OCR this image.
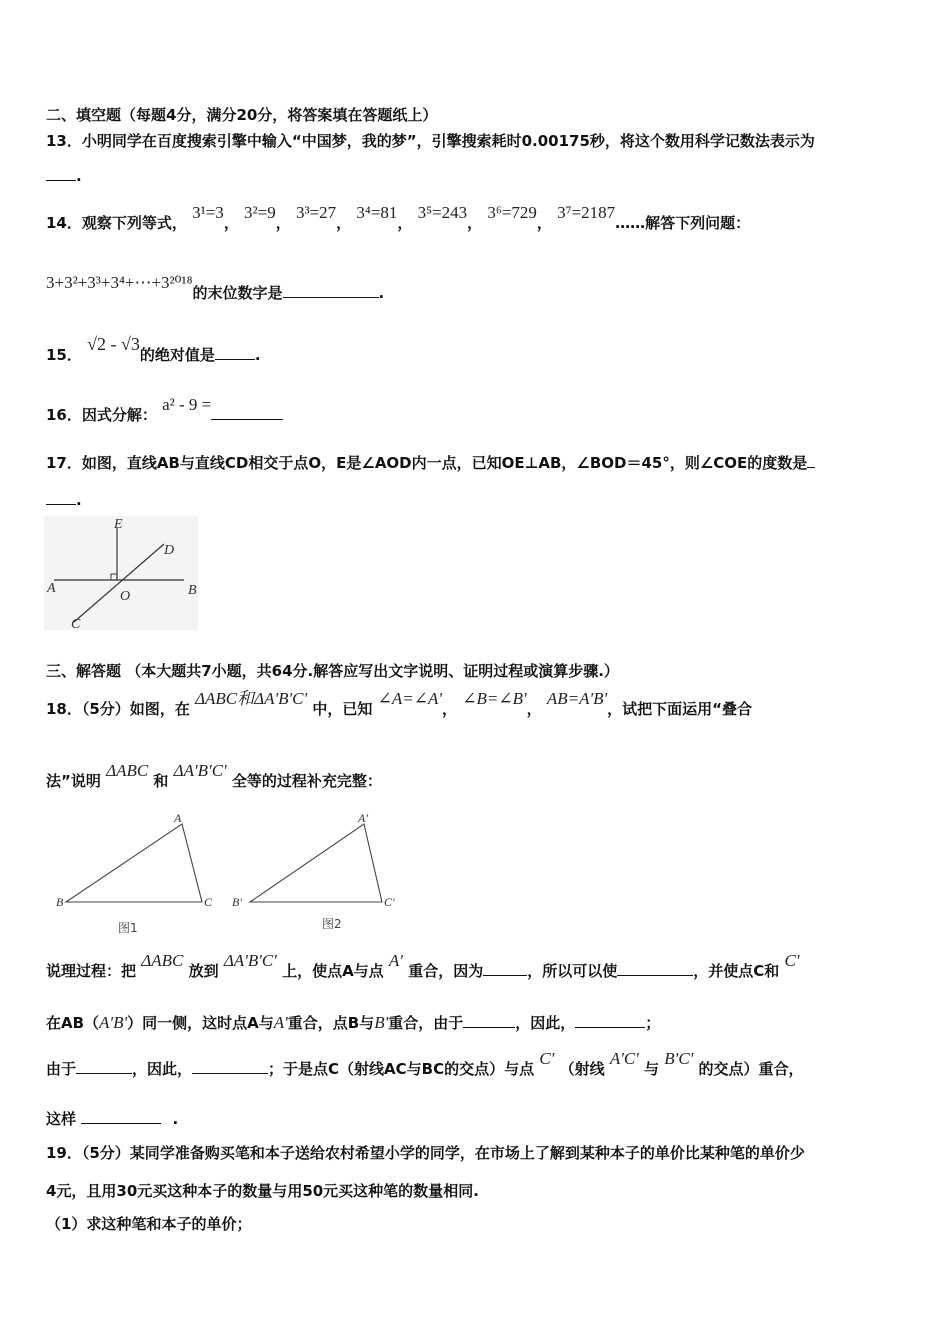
二、填空题（每题4分，满分20分，将答案填在答题纸上）
13．小明同学在百度搜索引擎中输入“中国梦，我的梦”，引擎搜索耗时0.00175秒，将这个数用科学记数法表示为
.
14．观察下列等式， 3¹=3， 3²=9， 3³=27， 3⁴=81， 3⁵=243， 3⁶=729， 3⁷=2187……解答下列问题：
3+3²+3³+3⁴+⋯+3²⁰¹⁸的末位数字是	.
15． √2 - √3的绝对值是	.
16．因式分解： a² - 9 =
17．如图，直线AB与直线CD相交于点O，E是∠AOD内一点，已知OE⊥AB，∠BOD＝45°，则∠COE的度数是
.
E
D
A
O	B
C
三、解答题 （本大题共7小题，共64分.解答应写出文字说明、证明过程或演算步骤.）
18．（5分）如图，在 ΔABC和ΔA'B'C' 中，已知 ∠A=∠A'， ∠B=∠B'， AB=A'B'，试把下面运用“叠合
法”说明 ΔABC 和 ΔA'B'C' 全等的过程补充完整：
A
B	C
图1
A'
B'	C'
图2
说理过程：把 ΔABC 放到 ΔA'B'C' 上，使点A与点 A' 重合，因为	，所以可以使	，并使点C和 C'
在AB（A'B'）同一侧，这时点A与A'重合，点B与B'重合，由于	，因此，	；
由于	，因此，	；于是点C（射线AC与BC的交点）与点 C' （射线 A'C' 与 B'C' 的交点）重合，
这样	.
19．（5分）某同学准备购买笔和本子送给农村希望小学的同学，在市场上了解到某种本子的单价比某种笔的单价少
4元，且用30元买这种本子的数量与用50元买这种笔的数量相同.
（1）求这种笔和本子的单价；
